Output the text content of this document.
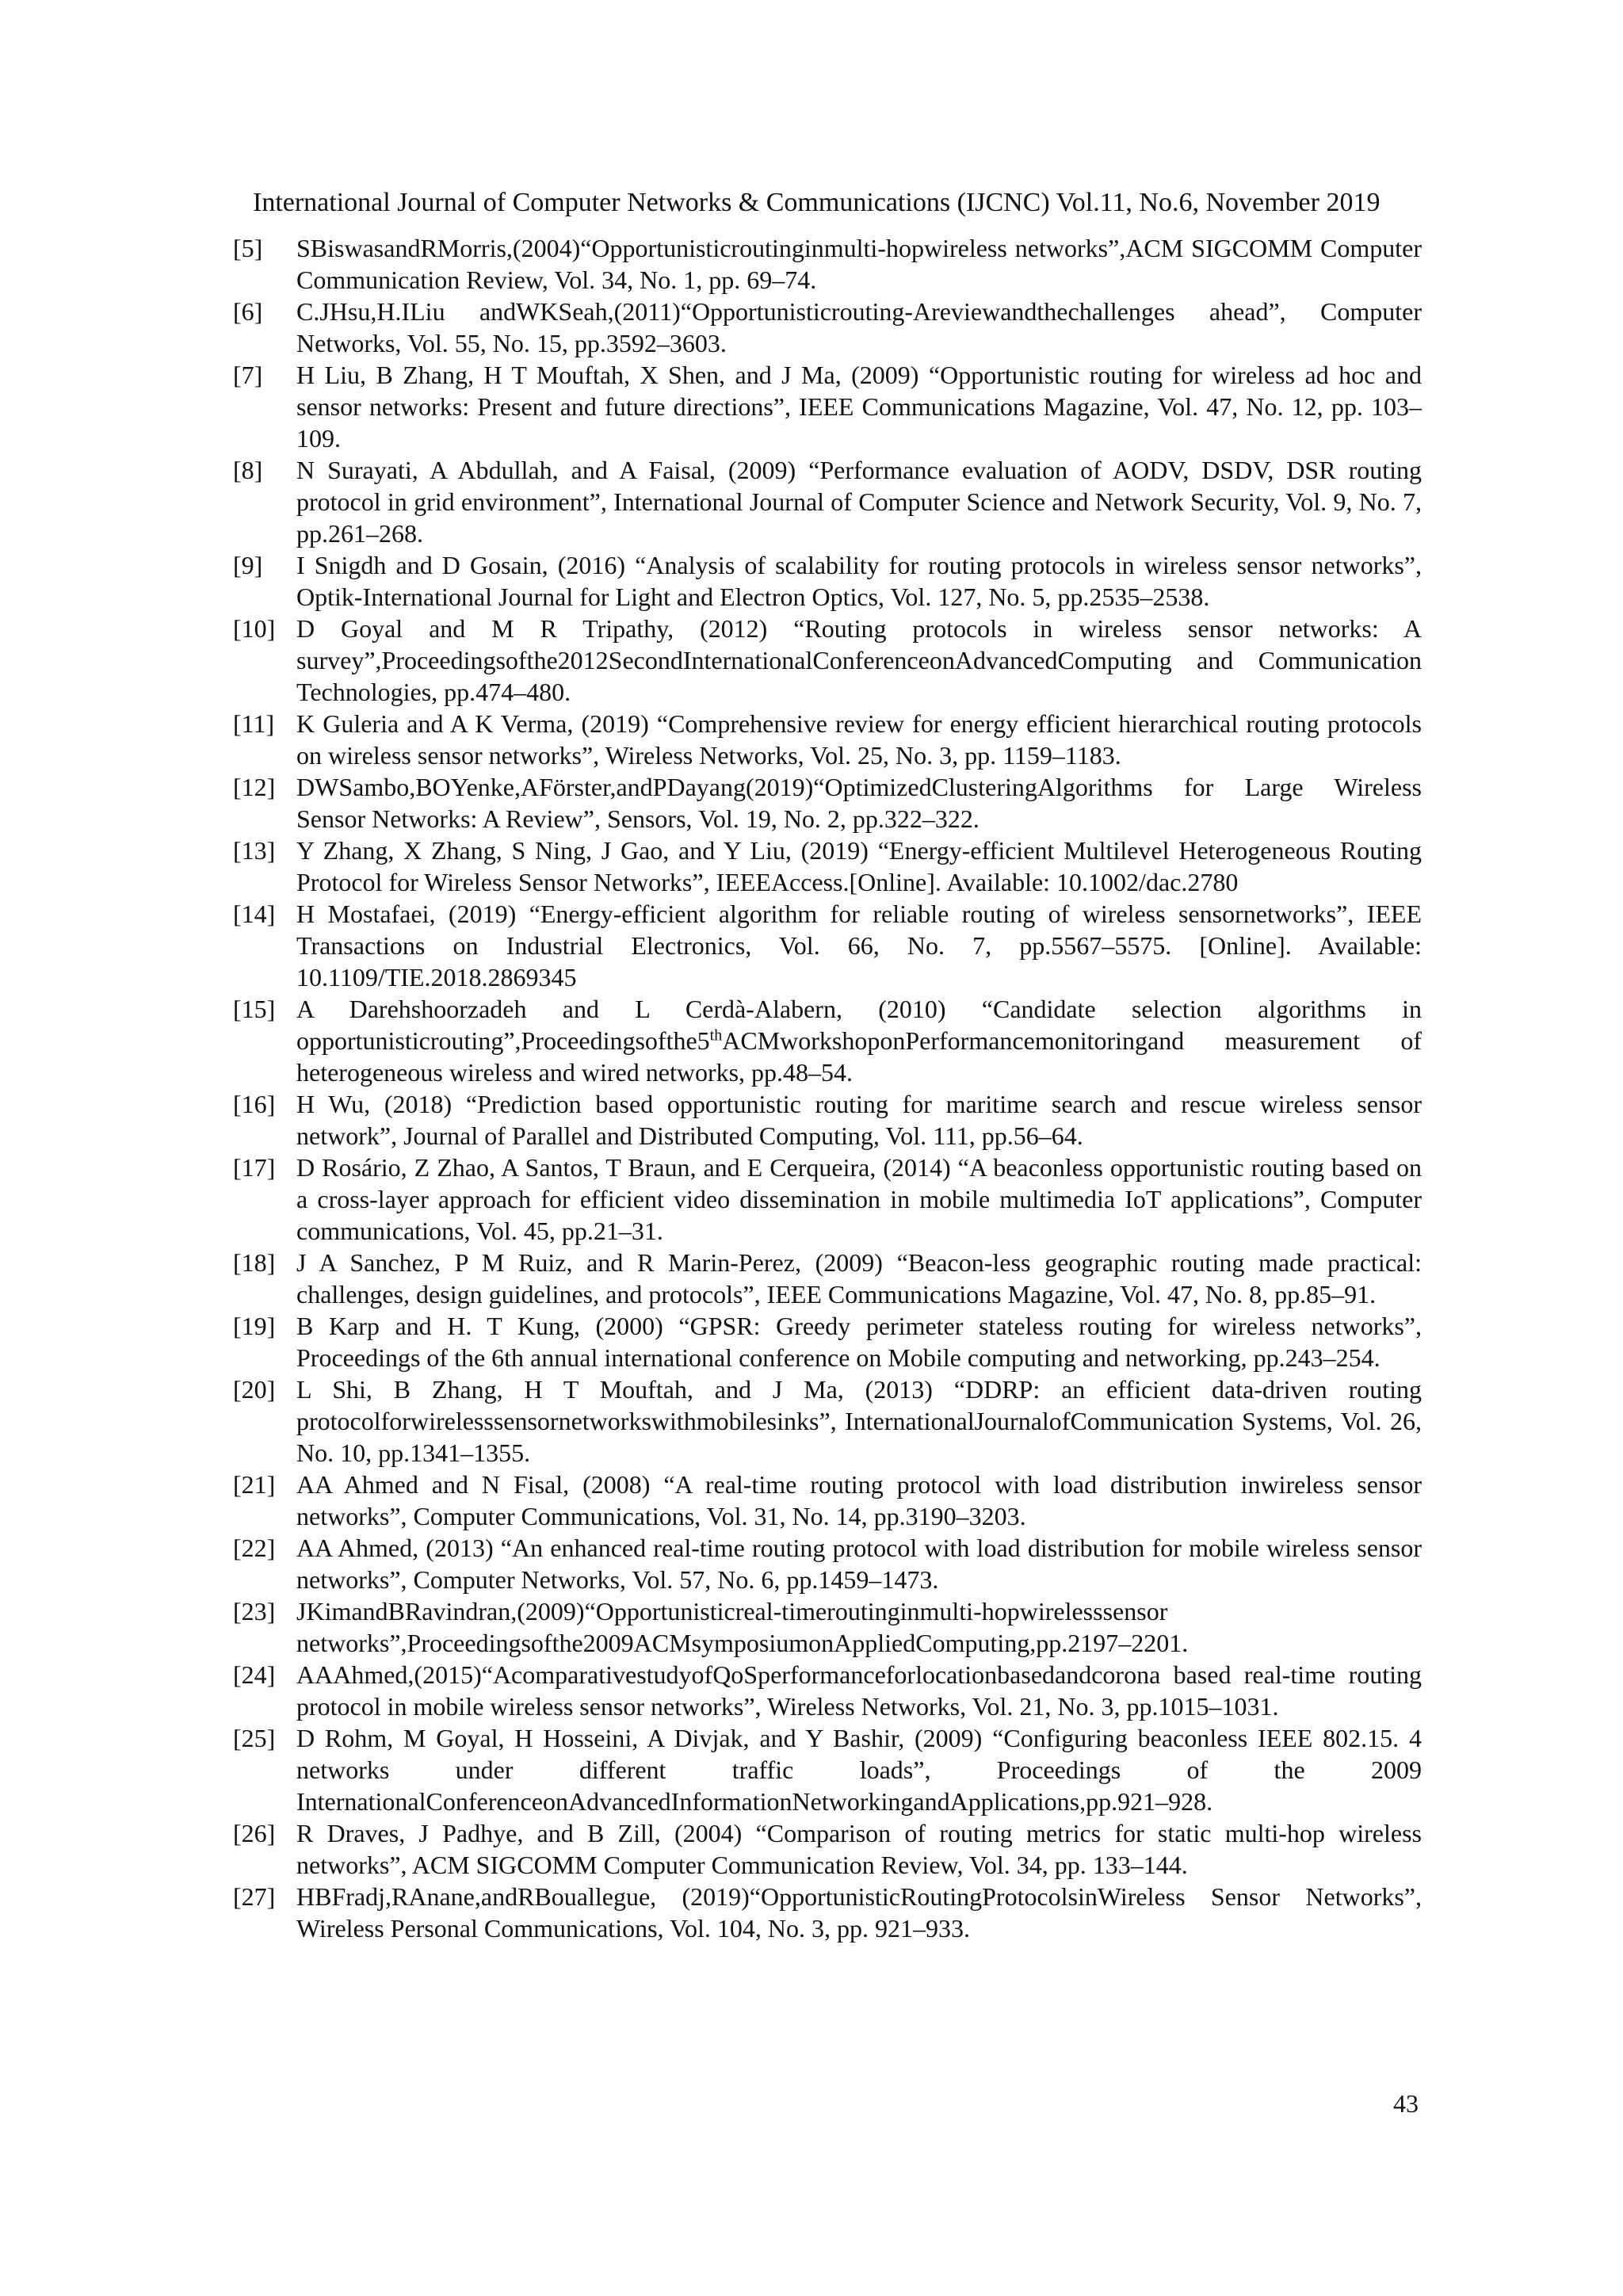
International Journal of Computer Networks & Communications (IJCNC) Vol.11, No.6, November 2019
[5]	SBiswasandRMorris,(2004)“Opportunisticroutinginmulti-hopwireless networks”,ACM SIGCOMM Computer Communication Review, Vol. 34, No. 1, pp. 69–74.
[6]	C.JHsu,H.ILiu andWKSeah,(2011)“Opportunisticrouting-Areviewandthechallenges ahead”, Computer Networks, Vol. 55, No. 15, pp.3592–3603.
[7]	H Liu, B Zhang, H T Mouftah, X Shen, and J Ma, (2009) “Opportunistic routing for wireless ad hoc and sensor networks: Present and future directions”, IEEE Communications Magazine, Vol. 47, No. 12, pp. 103–109.
[8]	N Surayati, A Abdullah, and A Faisal, (2009) “Performance evaluation of AODV, DSDV, DSR routing protocol in grid environment”, International Journal of Computer Science and Network Security, Vol. 9, No. 7, pp.261–268.
[9]	I Snigdh and D Gosain, (2016) “Analysis of scalability for routing protocols in wireless sensor networks”, Optik-International Journal for Light and Electron Optics, Vol. 127, No. 5, pp.2535–2538.
[10] D Goyal and M R Tripathy, (2012) “Routing protocols in wireless sensor networks: A survey”,Proceedingsofthe2012SecondInternationalConferenceonAdvancedComputing and Communication Technologies, pp.474–480.
[11] K Guleria and A K Verma, (2019) “Comprehensive review for energy efficient hierarchical routing protocols on wireless sensor networks”, Wireless Networks, Vol. 25, No. 3, pp. 1159–1183.
[12] DWSambo,BOYenke,AFörster,andPDayang(2019)“OptimizedClusteringAlgorithms for Large Wireless Sensor Networks: A Review”, Sensors, Vol. 19, No. 2, pp.322–322.
[13] Y Zhang, X Zhang, S Ning, J Gao, and Y Liu, (2019) “Energy-efficient Multilevel Heterogeneous Routing Protocol for Wireless Sensor Networks”, IEEEAccess.[Online]. Available: 10.1002/dac.2780
[14] H Mostafaei, (2019) “Energy-efficient algorithm for reliable routing of wireless sensornetworks”, IEEE Transactions on Industrial Electronics, Vol. 66, No. 7, pp.5567–5575. [Online]. Available: 10.1109/TIE.2018.2869345
[15] A Darehshoorzadeh and L Cerdà-Alabern, (2010) “Candidate selection algorithms in opportunisticrouting”,Proceedingsofthe5thACMworkshoponPerformancemonitoringand measurement of heterogeneous wireless and wired networks, pp.48–54.
[16] H Wu, (2018) “Prediction based opportunistic routing for maritime search and rescue wireless sensor network”, Journal of Parallel and Distributed Computing, Vol. 111, pp.56–64.
[17] D Rosário, Z Zhao, A Santos, T Braun, and E Cerqueira, (2014) “A beaconless opportunistic routing based on a cross-layer approach for efficient video dissemination in mobile multimedia IoT applications”, Computer communications, Vol. 45, pp.21–31.
[18] J A Sanchez, P M Ruiz, and R Marin-Perez, (2009) “Beacon-less geographic routing made practical: challenges, design guidelines, and protocols”, IEEE Communications Magazine, Vol. 47, No. 8, pp.85–91.
[19] B Karp and H. T Kung, (2000) “GPSR: Greedy perimeter stateless routing for wireless networks”, Proceedings of the 6th annual international conference on Mobile computing and networking, pp.243–254.
[20] L Shi, B Zhang, H T Mouftah, and J Ma, (2013) “DDRP: an efficient data-driven routing protocolforwirelesssensornetworkswithmobilesinks”, InternationalJournalofCommunication Systems, Vol. 26, No. 10, pp.1341–1355.
[21] AA Ahmed and N Fisal, (2008) “A real-time routing protocol with load distribution inwireless sensor networks”, Computer Communications, Vol. 31, No. 14, pp.3190–3203.
[22] AA Ahmed, (2013) “An enhanced real-time routing protocol with load distribution for mobile wireless sensor networks”, Computer Networks, Vol. 57, No. 6, pp.1459–1473.
[23] JKimandBRavindran,(2009)“Opportunisticreal-timeroutinginmulti-hopwirelesssensor networks”,Proceedingsofthe2009ACMsymposiumonAppliedComputing,pp.2197–2201.
[24] AAAhmed,(2015)“AcomparativestudyofQoSperformanceforlocationbasedandcorona based real-time routing protocol in mobile wireless sensor networks”, Wireless Networks, Vol. 21, No. 3, pp.1015–1031.
[25] D Rohm, M Goyal, H Hosseini, A Divjak, and Y Bashir, (2009) “Configuring beaconless IEEE 802.15. 4 networks under different traffic loads”, Proceedings of the 2009 InternationalConferenceonAdvancedInformationNetworkingandApplications,pp.921–928.
[26] R Draves, J Padhye, and B Zill, (2004) “Comparison of routing metrics for static multi-hop wireless networks”, ACM SIGCOMM Computer Communication Review, Vol. 34, pp. 133–144.
[27] HBFradj,RAnane,andRBouallegue, (2019)“OpportunisticRoutingProtocolsinWireless Sensor Networks”, Wireless Personal Communications, Vol. 104, No. 3, pp. 921–933.
43
